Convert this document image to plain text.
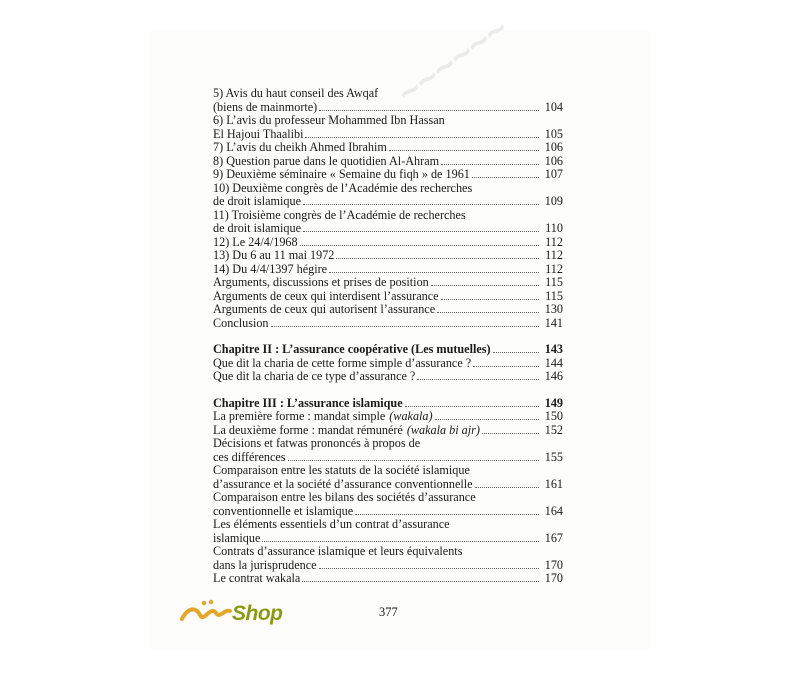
~~~~~~
5) Avis du haut conseil des Awqaf
(biens de mainmorte)	104
6) L’avis du professeur Mohammed Ibn Hassan
El Hajoui Thaalibi	105
7) L’avis du cheikh Ahmed Ibrahim	106
8) Question parue dans le quotidien Al-Ahram	106
9) Deuxième séminaire « Semaine du fiqh » de 1961	107
10) Deuxième congrès de l’Académie des recherches
de droit islamique	109
11) Troisième congrès de l’Académie de recherches
de droit islamique	110
12) Le 24/4/1968	112
13) Du 6 au 11 mai 1972	112
14) Du 4/4/1397 hégire	112
Arguments, discussions et prises de position	115
Arguments de ceux qui interdisent l’assurance	115
Arguments de ceux qui autorisent l’assurance	130
Conclusion	141
Chapitre II : L’assurance coopérative (Les mutuelles)	143
Que dit la charia de cette forme simple d’assurance ?	144
Que dit la charia de ce type d’assurance ?	146
Chapitre III : L’assurance islamique	149
La première forme : mandat simple (wakala)	150
La deuxième forme : mandat rémunéré (wakala bi ajr)	152
Décisions et fatwas prononcés à propos de
ces différences	155
Comparaison entre les statuts de la société islamique
d’assurance et la société d’assurance conventionnelle	161
Comparaison entre les bilans des sociétés d’assurance
conventionnelle et islamique	164
Les éléments essentiels d’un contrat d’assurance
islamique	167
Contrats d’assurance islamique et leurs équivalents
dans la jurisprudence	170
Le contrat wakala	170
377
Shop
